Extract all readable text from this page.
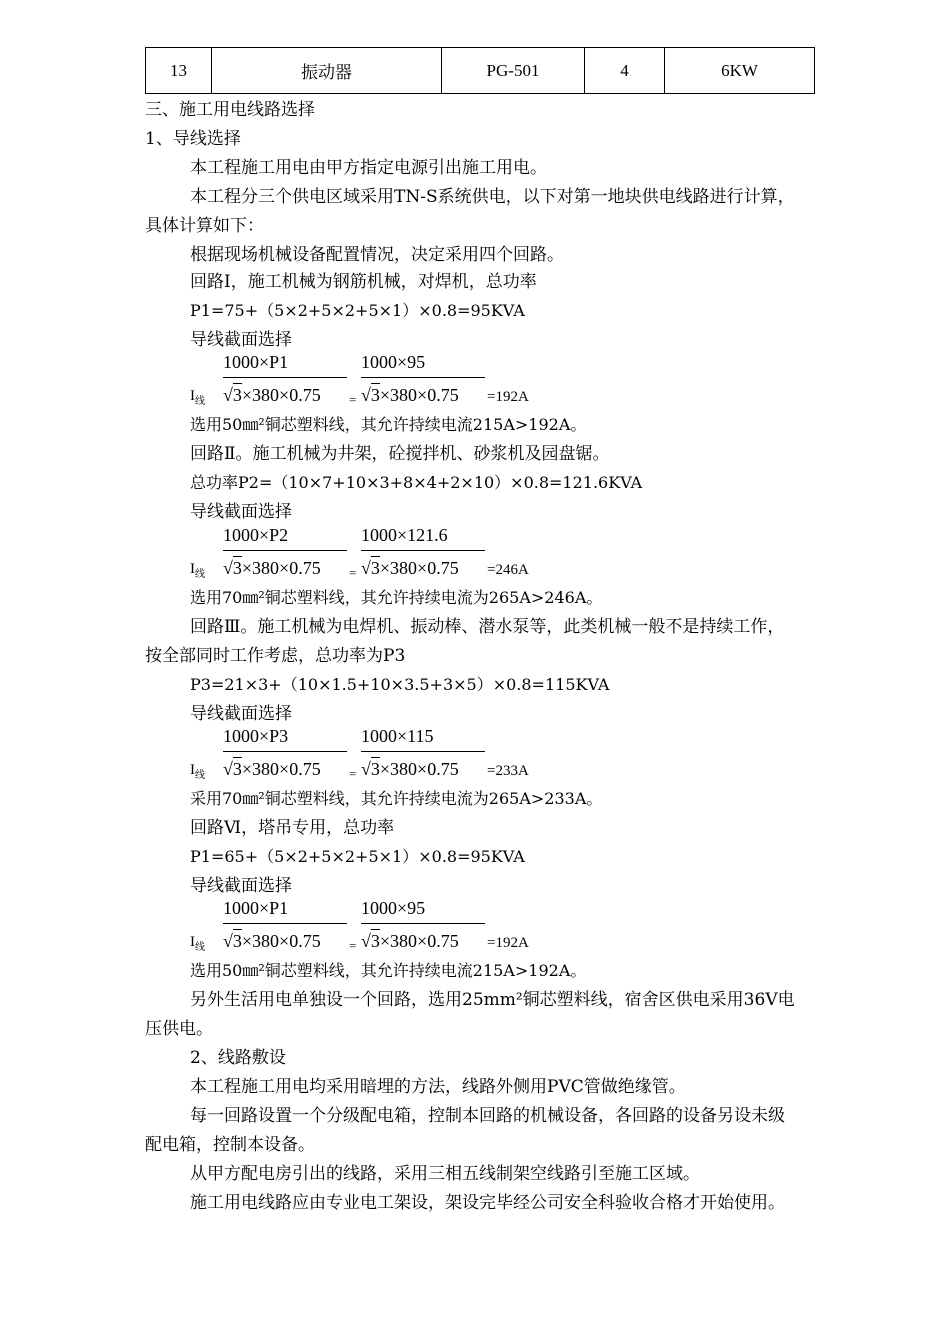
13	振动器	PG-501	4	6KW
三、施工用电线路选择
1、导线选择
本工程施工用电由甲方指定电源引出施工用电。
本工程分三个供电区域采用TN-S系统供电，以下对第一地块供电线路进行计算，
具体计算如下：
根据现场机械设备配置情况，决定采用四个回路。
回路Ⅰ，施工机械为钢筋机械，对焊机，总功率
P1=75+（5×2+5×2+5×1）×0.8=95KVA
导线截面选择
1000×P1	1000×95
$I_线$ √3×380×0.75 = √3×380×0.75 =192A
选用50㎜²铜芯塑料线，其允许持续电流215A>192A。
回路Ⅱ。施工机械为井架，砼搅拌机、砂浆机及园盘锯。
总功率P2=（10×7+10×3+8×4+2×10）×0.8=121.6KVA
导线截面选择
1000×P2	1000×121.6
$I_线$ √3×380×0.75 = √3×380×0.75 =246A
选用70㎜²铜芯塑料线，其允许持续电流为265A>246A。
回路Ⅲ。施工机械为电焊机、振动棒、潜水泵等，此类机械一般不是持续工作，
按全部同时工作考虑，总功率为P3
P3=21×3+（10×1.5+10×3.5+3×5）×0.8=115KVA
导线截面选择
1000×P3	1000×115
$I_线$ √3×380×0.75 = √3×380×0.75 =233A
采用70㎜²铜芯塑料线，其允许持续电流为265A>233A。
回路Ⅵ，塔吊专用，总功率
P1=65+（5×2+5×2+5×1）×0.8=95KVA
导线截面选择
1000×P1	1000×95
$I_线$ √3×380×0.75 = √3×380×0.75 =192A
选用50㎜²铜芯塑料线，其允许持续电流215A>192A。
另外生活用电单独设一个回路，选用25mm²铜芯塑料线，宿舍区供电采用36V电
压供电。
2、线路敷设
本工程施工用电均采用暗埋的方法，线路外侧用PVC管做绝缘管。
每一回路设置一个分级配电箱，控制本回路的机械设备，各回路的设备另设未级
配电箱，控制本设备。
从甲方配电房引出的线路，采用三相五线制架空线路引至施工区域。
施工用电线路应由专业电工架设，架设完毕经公司安全科验收合格才开始使用。
